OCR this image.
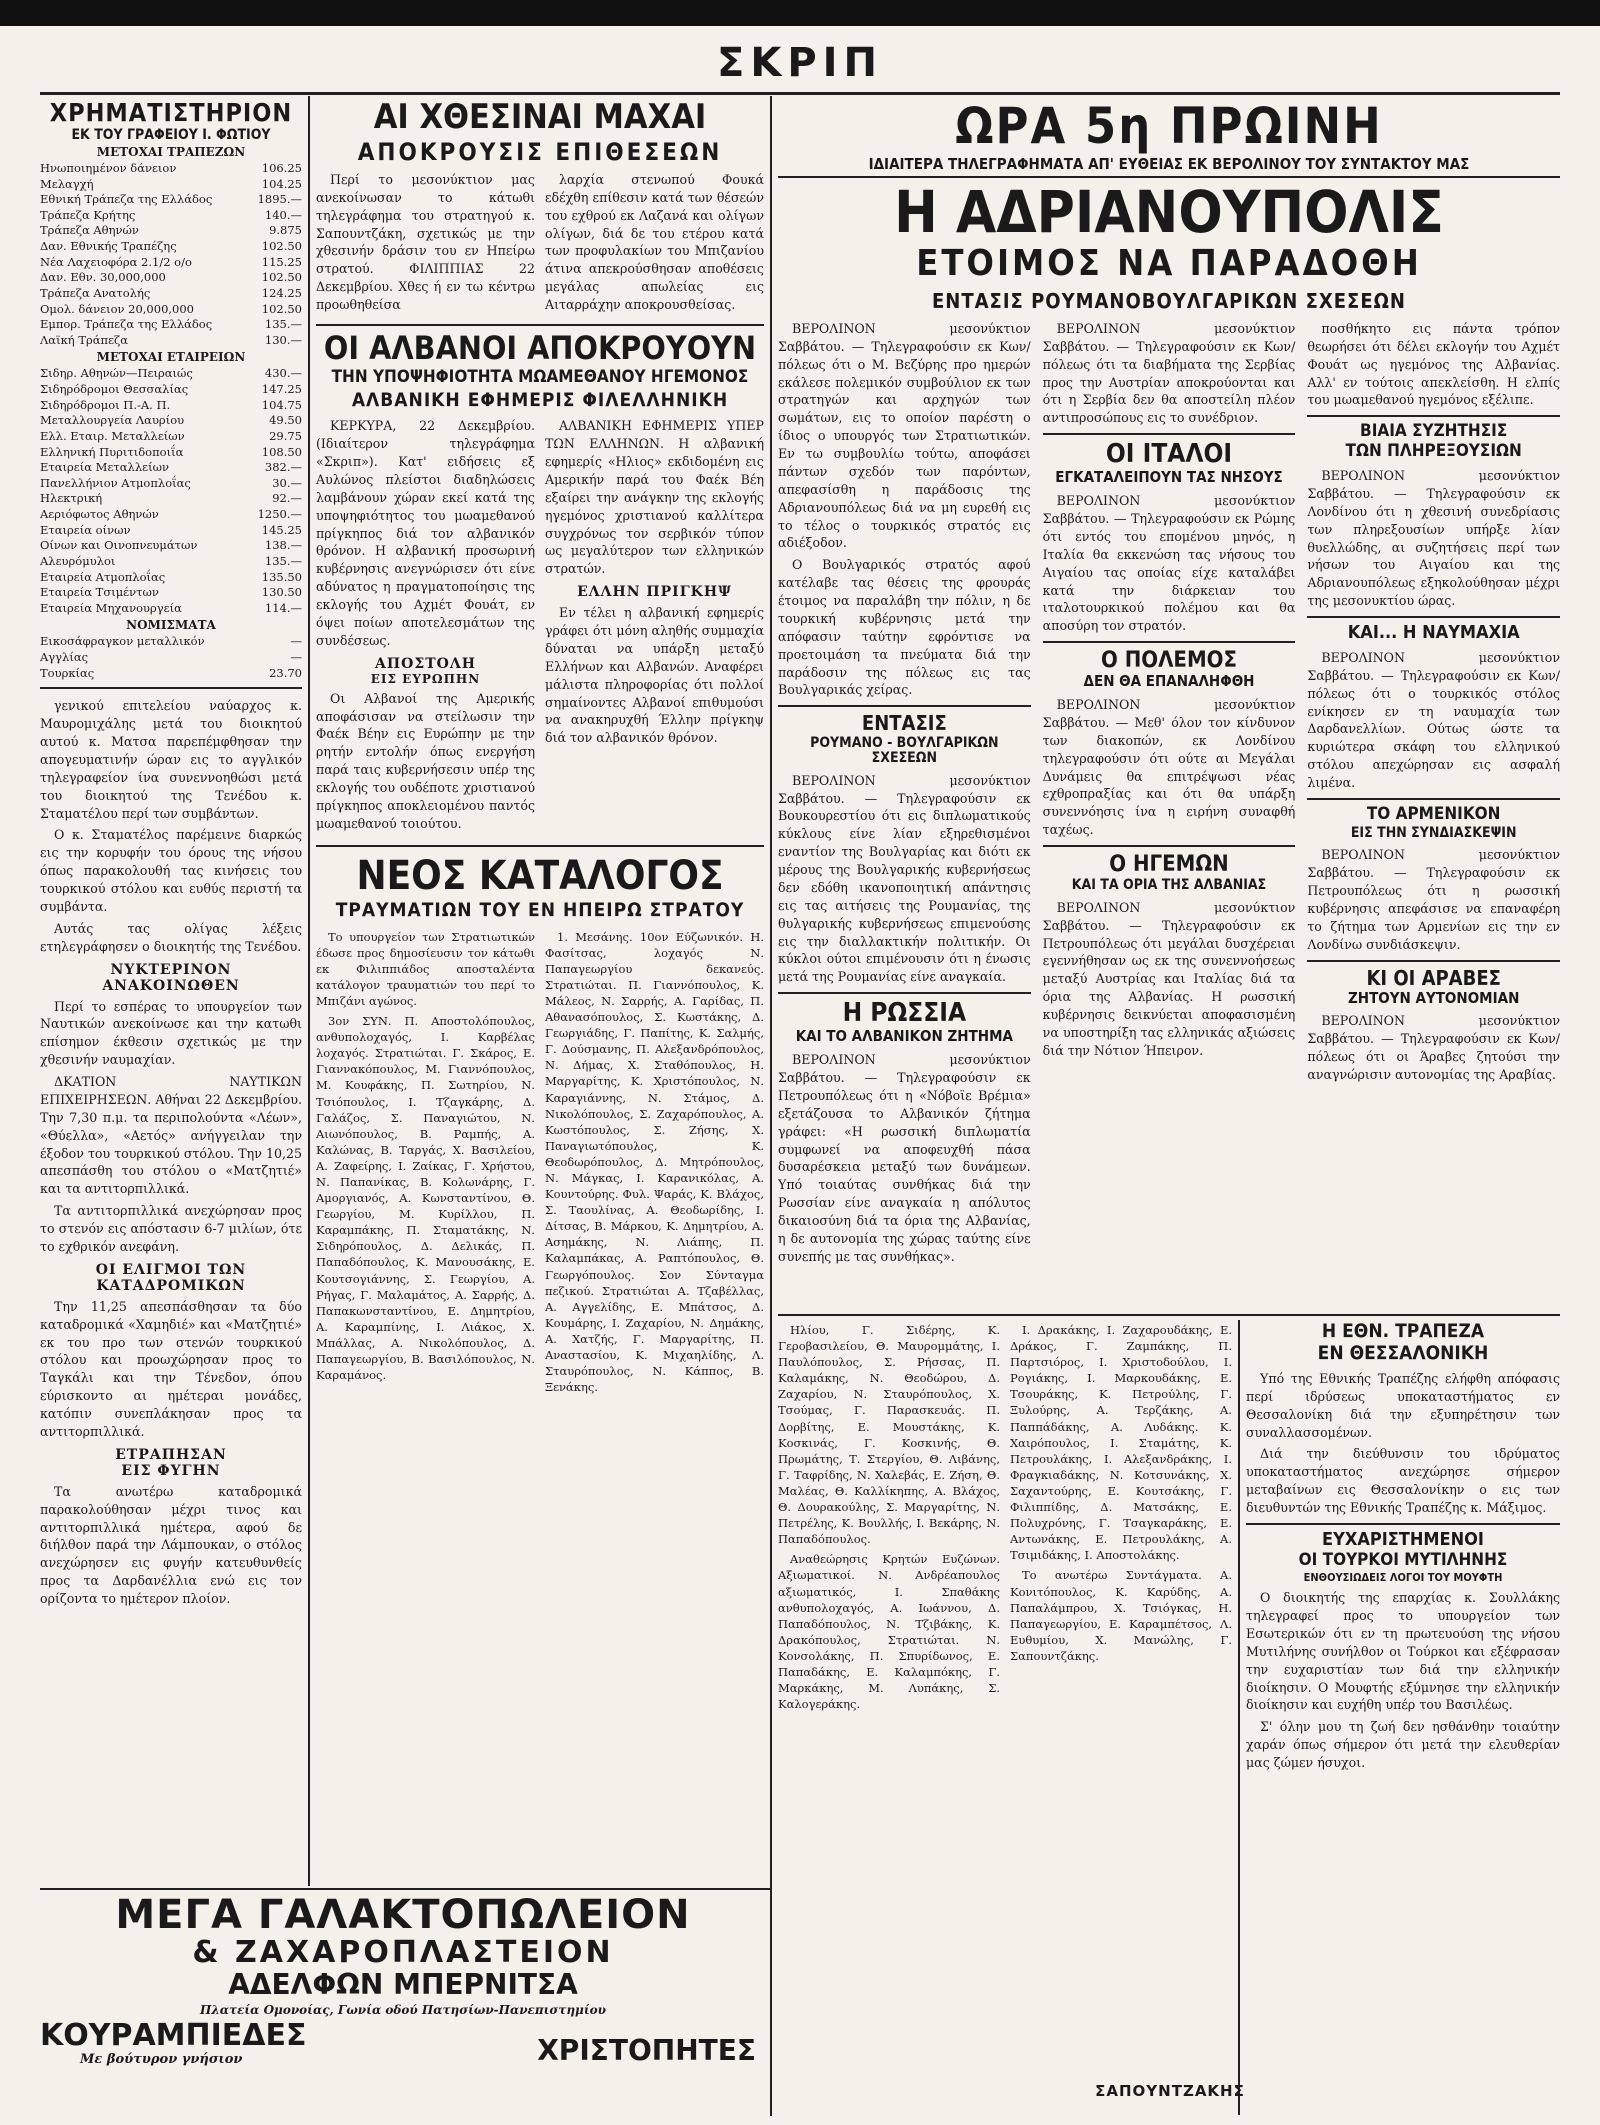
ΣΚΡΙΠ
ΧΡΗΜΑΤΙΣΤΗΡΙΟΝ
ΕΚ ΤΟΥ ΓΡΑΦΕΙΟΥ Ι. ΦΩΤΙΟΥ
ΜΕΤΟΧΑΙ ΤΡΑΠΕΖΩΝ
Ηνωποιημένον δάνειον	106.25
Μελαγχή	104.25
Εθνική Τράπεζα της Ελλάδος	1895.—
Τράπεζα Κρήτης	140.—
Τράπεζα Αθηνών	9.875
Δαν. Εθνικής Τραπέζης	102.50
Νέα Λαχειοφόρα 2.1/2 ο/ο	115.25
Δαν. Εθν. 30,000,000	102.50
Τράπεζα Ανατολής	124.25
Ομολ. δάνειον 20,000,000	102.50
Εμπορ. Τράπεζα της Ελλάδος	135.—
Λαϊκή Τράπεζα	130.—
ΜΕΤΟΧΑΙ ΕΤΑΙΡΕΙΩΝ
Σιδηρ. Αθηνών—Πειραιώς	430.—
Σιδηρόδρομοι Θεσσαλίας	147.25
Σιδηρόδρομοι Π.-Α. Π.	104.75
Μεταλλουργεία Λαυρίου	49.50
Ελλ. Εταιρ. Μεταλλείων	29.75
Ελληνική Πυριτιδοποιΐα	108.50
Εταιρεία Μεταλλείων	382.—
Πανελλήνιον Ατμοπλοΐας	30.—
Ηλεκτρική	92.—
Αεριόφωτος Αθηνών	1250.—
Εταιρεία οίνων	145.25
Οίνων και Οινοπνευμάτων	138.—
Αλευρόμυλοι	135.—
Εταιρεία Ατμοπλοΐας	135.50
Εταιρεία Τσιμέντων	130.50
Εταιρεία Μηχανουργεία	114.—
ΝΟΜΙΣΜΑΤΑ
Εικοσάφραγκον μεταλλικόν	—
Αγγλίας	—
Τουρκίας	23.70

γενικού επιτελείου ναύαρχος κ. Μαυρομιχάλης μετά του διοικητού αυτού κ. Ματσα παρεπέμφθησαν την απογευματινήν ώραν εις το αγγλικόν τηλεγραφείον ίνα συνεννοηθώσι μετά του διοικητού της Τενέδου κ. Σταματέλου περί των συμβάντων.

Ο κ. Σταματέλος παρέμεινε διαρκώς εις την κορυφήν του όρους της νήσου όπως παρακολουθή τας κινήσεις του τουρκικού στόλου και ευθύς περιστή τα συμβάντα.

Αυτάς τας ολίγας λέξεις ετηλεγράφησεν ο διοικητής της Τενέδου.

ΝΥΚΤΕΡΙΝΟΝ
ΑΝΑΚΟΙΝΩΘΕΝ

Περί το εσπέρας το υπουργείον των Ναυτικών ανεκοίνωσε και την κατωθι επίσημον έκθεσιν σχετικώς με την χθεσινήν ναυμαχίαν.

ΔΚΑΤΙΟΝ ΝΑΥΤΙΚΩΝ ΕΠΙΧΕΙΡΗΣΕΩΝ. Αθήναι 22 Δεκεμβρίου. Την 7,30 π.μ. τα περιπολούντα «Λέων», «Θύελλα», «Αετός» ανήγγειλαν την έξοδον του τουρκικού στόλου. Την 10,25 απεσπάσθη του στόλου ο «Ματζητιέ» και τα αντιτορπιλλικά.

Τα αντιτορπιλλικά ανεχώρησαν προς το στενόν εις απόστασιν 6-7 μιλίων, ότε το εχθρικόν ανεφάνη.

ΟΙ ΕΛΙΓΜΟΙ ΤΩΝ
ΚΑΤΑΔΡΟΜΙΚΩΝ

Την 11,25 απεσπάσθησαν τα δύο καταδρομικά «Χαμηδιέ» και «Ματζητιέ» εκ του προ των στενών τουρκικού στόλου και προωχώρησαν προς το Ταγκάλι και την Τένεδον, όπου εύρισκοντο αι ημέτεραι μονάδες, κατόπιν συνεπλάκησαν προς τα αντιτορπιλλικά.

ΕΤΡΑΠΗΣΑΝ
ΕΙΣ ΦΥΓΗΝ

Τα ανωτέρω καταδρομικά παρακολούθησαν μέχρι τινος και αντιτορπιλλικά ημέτερα, αφού δε διήλθον παρά την Λάμπουκαν, ο στόλος ανεχώρησεν εις φυγήν κατευθυνθείς προς τα Δαρδανέλλια ενώ εις τον ορίζοντα το ημέτερον πλοίον.

ΑΙ ΧΘΕΣΙΝΑΙ ΜΑΧΑΙ
ΑΠΟΚΡΟΥΣΙΣ ΕΠΙΘΕΣΕΩΝ

Περί το μεσονύκτιον μας ανεκοίνωσαν το κάτωθι τηλεγράφημα του στρατηγού κ. Σαπουντζάκη, σχετικώς με την χθεσινήν δράσιν του εν Ηπείρω στρατού. ΦΙΛΙΠΠΙΑΣ 22 Δεκεμβρίου. Χθες ή εν τω κέντρω προωθηθείσα

λαρχία στενωπού Φουκά εδέχθη επίθεσιν κατά των θέσεών του εχθρού εκ Λαζανά και ολίγων ολίγων, διά δε του ετέρου κατά των προφυλακίων του Μπιζανίου άτινα απεκρούσθησαν αποθέσεις μεγάλας απωλείας εις Αιταρράχην αποκρουσθείσας.

ΟΙ ΑΛΒΑΝΟΙ ΑΠΟΚΡΟΥΟΥΝ
ΤΗΝ ΥΠΟΨΗΦΙΟΤΗΤΑ ΜΩΑΜΕΘΑΝΟΥ ΗΓΕΜΟΝΟΣ
ΑΛΒΑΝΙΚΗ ΕΦΗΜΕΡΙΣ ΦΙΛΕΛΛΗΝΙΚΗ

ΚΕΡΚΥΡΑ, 22 Δεκεμβρίου. (Ιδιαίτερον τηλεγράφημα «Σκριπ»). Κατ' ειδήσεις εξ Αυλώνος πλείστοι διαδηλώσεις λαμβάνουν χώραν εκεί κατά της υποψηφιότητος του μωαμεθανού πρίγκηπος διά τον αλβανικόν θρόνον. Η αλβανική προσωρινή κυβέρνησις ανεγνώρισεν ότι είνε αδύνατος η πραγματοποίησις της εκλογής του Αχμέτ Φουάτ, εν όψει ποίων αποτελεσμάτων της συνδέσεως.

ΑΠΟΣΤΟΛΗ
ΕΙΣ ΕΥΡΩΠΗΝ

Οι Αλβανοί της Αμερικής αποφάσισαν να στείλωσιν την Φαέκ Βέην εις Ευρώπην με την ρητήν εντολήν όπως ενεργήση παρά ταις κυβερνήσεσιν υπέρ της εκλογής του ουδέποτε χριστιανού πρίγκηπος αποκλειομένου παντός μωαμεθανού τοιούτου.

ΑΛΒΑΝΙΚΗ ΕΦΗΜΕΡΙΣ ΥΠΕΡ ΤΩΝ ΕΛΛΗΝΩΝ. Η αλβανική εφημερίς «Ηλιος» εκδιδομένη εις Αμερικήν παρά του Φαέκ Βέη εξαίρει την ανάγκην της εκλογής ηγεμόνος χριστιανού καλλίτερα συγχρόνως τον σερβικόν τύπον ως μεγαλύτερον των ελληνικών στρατών.

ΕΛΛΗΝ ΠΡΙΓΚΗΨ

Εν τέλει η αλβανική εφημερίς γράφει ότι μόνη αληθής συμμαχία δύναται να υπάρξη μεταξύ Ελλήνων και Αλβανών. Αναφέρει μάλιστα πληροφορίας ότι πολλοί σημαίνοντες Αλβανοί επιθυμούσι να ανακηρυχθή Έλλην πρίγκηψ διά τον αλβανικόν θρόνον.

ΝΕΟΣ ΚΑΤΑΛΟΓΟΣ
ΤΡΑΥΜΑΤΙΩΝ ΤΟΥ ΕΝ ΗΠΕΙΡΩ ΣΤΡΑΤΟΥ

Το υπουργείον των Στρατιωτικών έδωσε προς δημοσίευσιν τον κάτωθι εκ Φιλιππιάδος αποσταλέντα κατάλογον τραυματιών του περί το Μπιζάνι αγώνος.

3ον ΣΥΝ. Π. Αποστολόπουλος, ανθυπολοχαγός, Ι. Καρβέλας λοχαγός. Στρατιώται. Γ. Σκάρος, Ε. Γιαννακόπουλος, Μ. Γιαννόπουλος, Μ. Κουφάκης, Π. Σωτηρίου, Ν. Τσιόπουλος, Ι. Τζαγκάρης, Δ. Γαλάζος, Σ. Παναγιώτου, Ν. Αιωνόπουλος, Β. Ραμπής, Α. Καλώνας, Β. Ταργάς, Χ. Βασιλείου, Α. Ζαφείρης, Ι. Ζαίκας, Γ. Χρήστου, Ν. Παπανίκας, Β. Κολωνάρης, Γ. Αμοργιανός, Α. Κωνσταντίνου, Θ. Γεωργίου, Μ. Κυρίλλου, Π. Καραμπάκης, Π. Σταματάκης, Ν. Σιδηρόπουλος, Δ. Δελικάς, Π. Παπαδόπουλος, Κ. Μανουσάκης, Ε. Κουτσογιάννης, Σ. Γεωργίου, Α. Ρήγας, Γ. Μαλαμάτος, Α. Σαρρής, Δ. Παπακωνσταντίνου, Ε. Δημητρίου, Α. Καραμπίνης, Ι. Λιάκος, Χ. Μπάλλας, Α. Νικολόπουλος, Δ. Παπαγεωργίου, Β. Βασιλόπουλος, Ν. Καραμάνος.

1. Μεσάνης. 10ον Εύζωνικόν. Η. Φασίτσας, λοχαγός Ν. Παπαγεωργίου δεκανεύς. Στρατιώται. Π. Γιαννόπουλος, Κ. Μάλεος, Ν. Σαρρής, Α. Γαρίδας, Π. Αθανασόπουλος, Σ. Κωστάκης, Δ. Γεωργιάδης, Γ. Παπίτης, Κ. Σαλμής, Γ. Δούσμανης, Π. Αλεξανδρόπουλος, Ν. Δήμας, Χ. Σταθόπουλος, Η. Μαργαρίτης, Κ. Χριστόπουλος, Ν. Καραγιάννης, Ν. Στάμος, Δ. Νικολόπουλος, Σ. Ζαχαρόπουλος, Α. Κωστόπουλος, Σ. Ζήσης, Χ. Παναγιωτόπουλος, Κ. Θεοδωρόπουλος, Δ. Μητρόπουλος, Ν. Μάγκας, Ι. Καρανικόλας, Α. Κουντούρης. Φυλ. Ψαράς, Κ. Βλάχος, Σ. Ταουλίνας, Α. Θεοδωρίδης, Ι. Δίτσας, Β. Μάρκου, Κ. Δημητρίου, Α. Ασημάκης, Ν. Λιάπης, Π. Καλαμπάκας, Α. Ραπτόπουλος, Θ. Γεωργόπουλος. Σον Σύνταγμα πεζικού. Στρατιώται Α. Τζαβέλλας, Α. Αγγελίδης, Ε. Μπάτσος, Δ. Κουμάρης, Ι. Ζαχαρίου, Ν. Δημάκης, Α. Χατζής, Γ. Μαργαρίτης, Π. Αναστασίου, Κ. Μιχαηλίδης, Λ. Σταυρόπουλος, Ν. Κάππος, Β. Ξενάκης.

ΩΡΑ 5η ΠΡΩΙΝΗ
ΙΔΙΑΙΤΕΡΑ ΤΗΛΕΓΡΑΦΗΜΑΤΑ ΑΠ' ΕΥΘΕΙΑΣ ΕΚ ΒΕΡΟΛΙΝΟΥ ΤΟΥ ΣΥΝΤΑΚΤΟΥ ΜΑΣ
Η ΑΔΡΙΑΝΟΥΠΟΛΙΣ
ΕΤΟΙΜΟΣ ΝΑ ΠΑΡΑΔΟΘΗ
ΕΝΤΑΣΙΣ ΡΟΥΜΑΝΟΒΟΥΛΓΑΡΙΚΩΝ ΣΧΕΣΕΩΝ

ΒΕΡΟΛΙΝΟΝ μεσονύκτιον Σαββάτου. — Τηλεγραφούσιν εκ Κων/πόλεως ότι ο Μ. Βεζύρης προ ημερών εκάλεσε πολεμικόν συμβούλιον εκ των στρατηγών και αρχηγών των σωμάτων, εις το οποίον παρέστη ο ίδιος ο υπουργός των Στρατιωτικών. Εν τω συμβουλίω τούτω, αποφάσει πάντων σχεδόν των παρόντων, απεφασίσθη η παράδοσις της Αδριανουπόλεως διά να μη ευρεθή εις το τέλος ο τουρκικός στρατός εις αδιέξοδον.

Ο Βουλγαρικός στρατός αφού κατέλαβε τας θέσεις της φρουράς έτοιμος να παραλάβη την πόλιν, η δε τουρκική κυβέρνησις μετά την απόφασιν ταύτην εφρόντισε να προετοιμάση τα πνεύματα διά την παράδοσιν της πόλεως εις τας Βουλγαρικάς χείρας.

ΕΝΤΑΣΙΣ
ΡΟΥΜΑΝΟ - ΒΟΥΛΓΑΡΙΚΩΝ ΣΧΕΣΕΩΝ

ΒΕΡΟΛΙΝΟΝ μεσονύκτιον Σαββάτου. — Τηλεγραφούσιν εκ Βουκουρεστίου ότι εις διπλωματικούς κύκλους είνε λίαν εξηρεθισμένοι εναντίον της Βουλγαρίας και διότι εκ μέρους της Βουλγαρικής κυβερνήσεως δεν εδόθη ικανοποιητική απάντησις εις τας αιτήσεις της Ρουμανίας, της θυλγαρικής κυβερνήσεως επιμενούσης εις την διαλλακτικήν πολιτικήν. Οι κύκλοι ούτοι επιμένουσιν ότι η ένωσις μετά της Ρουμανίας είνε αναγκαία.

Η ΡΩΣΣΙΑ
ΚΑΙ ΤΟ ΑΛΒΑΝΙΚΟΝ ΖΗΤΗΜΑ

ΒΕΡΟΛΙΝΟΝ μεσονύκτιον Σαββάτου. — Τηλεγραφούσιν εκ Πετρουπόλεως ότι η «Νόβοϊε Βρέμια» εξετάζουσα το Αλβανικόν ζήτημα γράφει: «Η ρωσσική διπλωματία συμφωνεί να αποφευχθή πάσα δυσαρέσκεια μεταξύ των δυνάμεων. Υπό τοιαύτας συνθήκας διά την Ρωσσίαν είνε αναγκαία η απόλυτος δικαιοσύνη διά τα όρια της Αλβανίας, η δε αυτονομία της χώρας ταύτης είνε συνεπής με τας συνθήκας».

ΒΕΡΟΛΙΝΟΝ μεσονύκτιον Σαββάτου. — Τηλεγραφούσιν εκ Κων/πόλεως ότι τα διαβήματα της Σερβίας προς την Αυστρίαν αποκρούονται και ότι η Σερβία δεν θα αποστείλη πλέον αντιπροσώπους εις το συνέδριον.

ΟΙ ΙΤΑΛΟΙ
ΕΓΚΑΤΑΛΕΙΠΟΥΝ ΤΑΣ ΝΗΣΟΥΣ

ΒΕΡΟΛΙΝΟΝ μεσονύκτιον Σαββάτου. — Τηλεγραφούσιν εκ Ρώμης ότι εντός του επομένου μηνός, η Ιταλία θα εκκενώση τας νήσους του Αιγαίου τας οποίας είχε καταλάβει κατά την διάρκειαν του ιταλοτουρκικού πολέμου και θα αποσύρη τον στρατόν.

Ο ΠΟΛΕΜΟΣ
ΔΕΝ ΘΑ ΕΠΑΝΑΛΗΦΘΗ

ΒΕΡΟΛΙΝΟΝ μεσονύκτιον Σαββάτου. — Μεθ' όλον τον κίνδυνον των διακοπών, εκ Λονδίνου τηλεγραφούσιν ότι ούτε αι Μεγάλαι Δυνάμεις θα επιτρέψωσι νέας εχθροπραξίας και ότι θα υπάρξη συνεννόησις ίνα η ειρήνη συναφθή ταχέως.

Ο ΗΓΕΜΩΝ
ΚΑΙ ΤΑ ΟΡΙΑ ΤΗΣ ΑΛΒΑΝΙΑΣ

ΒΕΡΟΛΙΝΟΝ μεσονύκτιον Σαββάτου. — Τηλεγραφούσιν εκ Πετρουπόλεως ότι μεγάλαι δυσχέρειαι εγεννήθησαν ως εκ της συνεννοήσεως μεταξύ Αυστρίας και Ιταλίας διά τα όρια της Αλβανίας. Η ρωσσική κυβέρνησις δεικνύεται αποφασισμένη να υποστηρίξη τας ελληνικάς αξιώσεις διά την Νότιον Ήπειρον.

ποσθήκητο εις πάντα τρόπον θεωρήσει ότι δέλει εκλογήν του Αχμέτ Φουάτ ως ηγεμόνος της Αλβανίας. Αλλ' εν τούτοις απεκλείσθη. Η ελπίς του μωαμεθανού ηγεμόνος εξέλιπε.

ΒΙΑΙΑ ΣΥΖΗΤΗΣΙΣ
ΤΩΝ ΠΛΗΡΕΞΟΥΣΙΩΝ

ΒΕΡΟΛΙΝΟΝ μεσονύκτιον Σαββάτου. — Τηλεγραφούσιν εκ Λονδίνου ότι η χθεσινή συνεδρίασις των πληρεξουσίων υπήρξε λίαν θυελλώδης, αι συζητήσεις περί των νήσων του Αιγαίου και της Αδριανουπόλεως εξηκολούθησαν μέχρι της μεσονυκτίου ώρας.

ΚΑΙ... Η ΝΑΥΜΑΧΙΑ

ΒΕΡΟΛΙΝΟΝ μεσονύκτιον Σαββάτου. — Τηλεγραφούσιν εκ Κων/πόλεως ότι ο τουρκικός στόλος ενίκησεν εν τη ναυμαχία των Δαρδανελλίων. Ούτως ώστε τα κυριώτερα σκάφη του ελληνικού στόλου απεχώρησαν εις ασφαλή λιμένα.

ΤΟ ΑΡΜΕΝΙΚΟΝ
ΕΙΣ ΤΗΝ ΣΥΝΔΙΑΣΚΕΨΙΝ

ΒΕΡΟΛΙΝΟΝ μεσονύκτιον Σαββάτου. — Τηλεγραφούσιν εκ Πετρουπόλεως ότι η ρωσσική κυβέρνησις απεφάσισε να επαναφέρη το ζήτημα των Αρμενίων εις την εν Λονδίνω συνδιάσκεψιν.

ΚΙ ΟΙ ΑΡΑΒΕΣ
ΖΗΤΟΥΝ ΑΥΤΟΝΟΜΙΑΝ

ΒΕΡΟΛΙΝΟΝ μεσονύκτιον Σαββάτου. — Τηλεγραφούσιν εκ Κων/πόλεως ότι οι Άραβες ζητούσι την αναγνώρισιν αυτονομίας της Αραβίας.

Ηλίου, Γ. Σιδέρης, Κ. Γεροβασιλείου, Θ. Μαυρομμάτης, Ι. Παυλόπουλος, Σ. Ρήσσας, Π. Καλαμάκης, Ν. Θεοδώρου, Δ. Ζαχαρίου, Ν. Σταυρόπουλος, Χ. Τσούμας, Γ. Παρασκευάς. Π. Δορβίτης, Ε. Μουστάκης, Κ. Κοσκινάς, Γ. Κοσκινής, Θ. Πρωμάτης, Τ. Στεργίου, Θ. Λιβάνης, Γ. Ταφρίδης, Ν. Χαλεβάς, Ε. Ζήση, Θ. Μαλέας, Θ. Καλλίκηπης, Α. Βλάχος, Θ. Δουρακούλης, Σ. Μαργαρίτης, Ν. Πετρέλης, Κ. Βουλλής, Ι. Βεκάρης, Ν. Παπαδόπουλος.

Αναθεώρησις Κρητών Ευζώνων. Αξιωματικοί. Ν. Ανδρέαπουλος αξιωματικός, Ι. Σπαθάκης ανθυπολοχαγός, Α. Ιωάννου, Δ. Παπαδόπουλος, Ν. Τζιβάκης, Κ. Δρακόπουλος, Στρατιώται. Ν. Κονσολάκης, Π. Σπυρίδωνος, Ε. Παπαδάκης, Ε. Καλαμπόκης, Γ. Μαρκάκης, Μ. Λυπάκης, Σ. Καλογεράκης.

Ι. Δρακάκης, Ι. Ζαχαρουδάκης, Ε. Δράκος, Γ. Ζαμπάκης, Π. Παρτσιόρος, Ι. Χριστοδούλου, Ι. Ρογιάκης, Ι. Μαρκουδάκης, Ε. Τσουράκης, Κ. Πετρούλης, Γ. Ξυλούρης, Α. Τερζάκης, Α. Παππάδάκης, Α. Λυδάκης. Κ. Χαιρόπουλος, Ι. Σταμάτης, Κ. Πετρουλάκης, Ι. Αλεξανδράκης, Ι. Φραγκιαδάκης, Ν. Κοτσυνάκης, Χ. Σαχαντούρης, Ε. Κουτσάκης, Γ. Φιλιππίδης, Δ. Ματσάκης, Ε. Πολυχρόνης, Γ. Τσαγκαράκης, Ε. Αντωνάκης, Ε. Πετρουλάκης, Α. Τσιμιδάκης, Ι. Αποστολάκης.

Το ανωτέρω Συντάγματα. Α. Κονιτόπουλος, Κ. Καρύδης, Α. Παπαλάμπρου, Χ. Τσιόγκας, Η. Παπαγεωργίου, Ε. Καραμπέτσος, Λ. Ευθυμίου, Χ. Μανώλης, Γ. Σαπουντζάκης.

Η ΕΘΝ. ΤΡΑΠΕΖΑ
ΕΝ ΘΕΣΣΑΛΟΝΙΚΗ

Υπό της Εθνικής Τραπέζης ελήφθη απόφασις περί ιδρύσεως υποκαταστήματος εν Θεσσαλονίκη διά την εξυπηρέτησιν των συναλλασσομένων.

Διά την διεύθυνσιν του ιδρύματος υποκαταστήματος ανεχώρησε σήμερον μεταβαίνων εις Θεσσαλονίκην ο εις των διευθυντών της Εθνικής Τραπέζης κ. Μάξιμος.

ΕΥΧΑΡΙΣΤΗΜΕΝΟΙ
ΟΙ ΤΟΥΡΚΟΙ ΜΥΤΙΛΗΝΗΣ
ΕΝΘΟΥΣΙΩΔΕΙΣ ΛΟΓΟΙ ΤΟΥ ΜΟΥΦΤΗ

Ο διοικητής της επαρχίας κ. Σουλλάκης τηλεγραφεί προς το υπουργείον των Εσωτερικών ότι εν τη πρωτευούση της νήσου Μυτιλήνης συνήλθον οι Τούρκοι και εξέφρασαν την ευχαριστίαν των διά την ελληνικήν διοίκησιν. Ο Μουφτής εξύμνησε την ελληνικήν διοίκησιν και ευχήθη υπέρ του Βασιλέως.

Σ' όλην μου τη ζωή δεν ησθάνθην τοιαύτην χαράν όπως σήμερον ότι μετά την ελευθερίαν μας ζώμεν ήσυχοι.

ΣΑΠΟΥΝΤΖΑΚΗΣ
ΜΕΓΑ ΓΑΛΑΚΤΟΠΩΛΕΙΟΝ
& ΖΑΧΑΡΟΠΛΑΣΤΕΙΟΝ
ΑΔΕΛΦΩΝ ΜΠΕΡΝΙΤΣΑ
Πλατεία Ομονοίας, Γωνία οδού Πατησίων-Πανεπιστημίου
ΚΟΥΡΑΜΠΙΕΔΕΣ
Με βούτυρον γνήσιον	ΧΡΙΣΤΟΠΗΤΕΣ
